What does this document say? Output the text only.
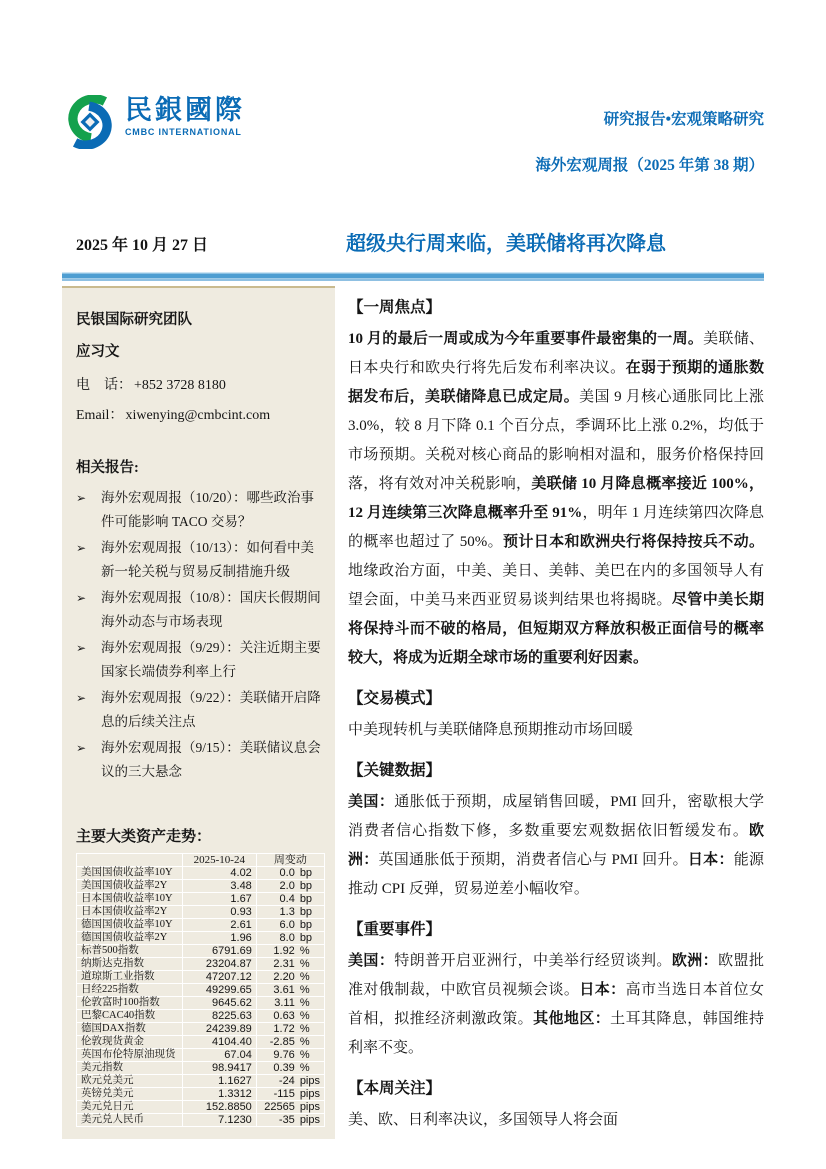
民銀國際
CMBC INTERNATIONAL
研究报告•宏观策略研究
海外宏观周报（2025 年第 38 期）
2025 年 10 月 27 日	超级央行周来临，美联储将再次降息
民银国际研究团队
应习文
电　话： +852 3728 8180
Email： xiwenying@cmbcint.com
相关报告:
➢	海外宏观周报（10/20）：哪些政治事件可能影响 TACO 交易？
➢	海外宏观周报（10/13）：如何看中美新一轮关税与贸易反制措施升级
➢	海外宏观周报（10/8）：国庆长假期间海外动态与市场表现
➢	海外宏观周报（9/29）：关注近期主要国家长端债券利率上行
➢	海外宏观周报（9/22）：美联储开启降息的后续关注点
➢	海外宏观周报（9/15）：美联储议息会议的三大悬念
主要大类资产走势：
	2025-10-24	周变动
美国国债收益率10Y	4.02	0.0 bp
美国国债收益率2Y	3.48	2.0 bp
日本国债收益率10Y	1.67	0.4 bp
日本国债收益率2Y	0.93	1.3 bp
德国国债收益率10Y	2.61	6.0 bp
德国国债收益率2Y	1.96	8.0 bp
标普500指数	6791.69	1.92 %
纳斯达克指数	23204.87	2.31 %
道琼斯工业指数	47207.12	2.20 %
日经225指数	49299.65	3.61 %
伦敦富时100指数	9645.62	3.11 %
巴黎CAC40指数	8225.63	0.63 %
德国DAX指数	24239.89	1.72 %
伦敦现货黄金	4104.40	-2.85 %
英国布伦特原油现货	67.04	9.76 %
美元指数	98.9417	0.39 %
欧元兑美元	1.1627	-24 pips
英镑兑美元	1.3312	-115 pips
美元兑日元	152.8850	22565 pips
美元兑人民币	7.1230	-35 pips
【一周焦点】

10 月的最后一周或成为今年重要事件最密集的一周。美联储、日本央行和欧央行将先后发布利率决议。在弱于预期的通胀数据发布后，美联储降息已成定局。美国 9 月核心通胀同比上涨 3.0%，较 8 月下降 0.1 个百分点，季调环比上涨 0.2%，均低于市场预期。关税对核心商品的影响相对温和，服务价格保持回落，将有效对冲关税影响，美联储 10 月降息概率接近 100%，12 月连续第三次降息概率升至 91%，明年 1 月连续第四次降息的概率也超过了 50%。预计日本和欧洲央行将保持按兵不动。地缘政治方面，中美、美日、美韩、美巴在内的多国领导人有望会面，中美马来西亚贸易谈判结果也将揭晓。尽管中美长期将保持斗而不破的格局，但短期双方释放积极正面信号的概率较大，将成为近期全球市场的重要利好因素。

【交易模式】

中美现转机与美联储降息预期推动市场回暖

【关键数据】

美国：通胀低于预期，成屋销售回暖，PMI 回升，密歇根大学消费者信心指数下修，多数重要宏观数据依旧暂缓发布。欧洲：英国通胀低于预期，消费者信心与 PMI 回升。日本：能源推动 CPI 反弹，贸易逆差小幅收窄。

【重要事件】

美国：特朗普开启亚洲行，中美举行经贸谈判。欧洲：欧盟批准对俄制裁，中欧官员视频会谈。日本：高市当选日本首位女首相，拟推经济刺激政策。其他地区：土耳其降息，韩国维持利率不变。

【本周关注】

美、欧、日利率决议，多国领导人将会面
